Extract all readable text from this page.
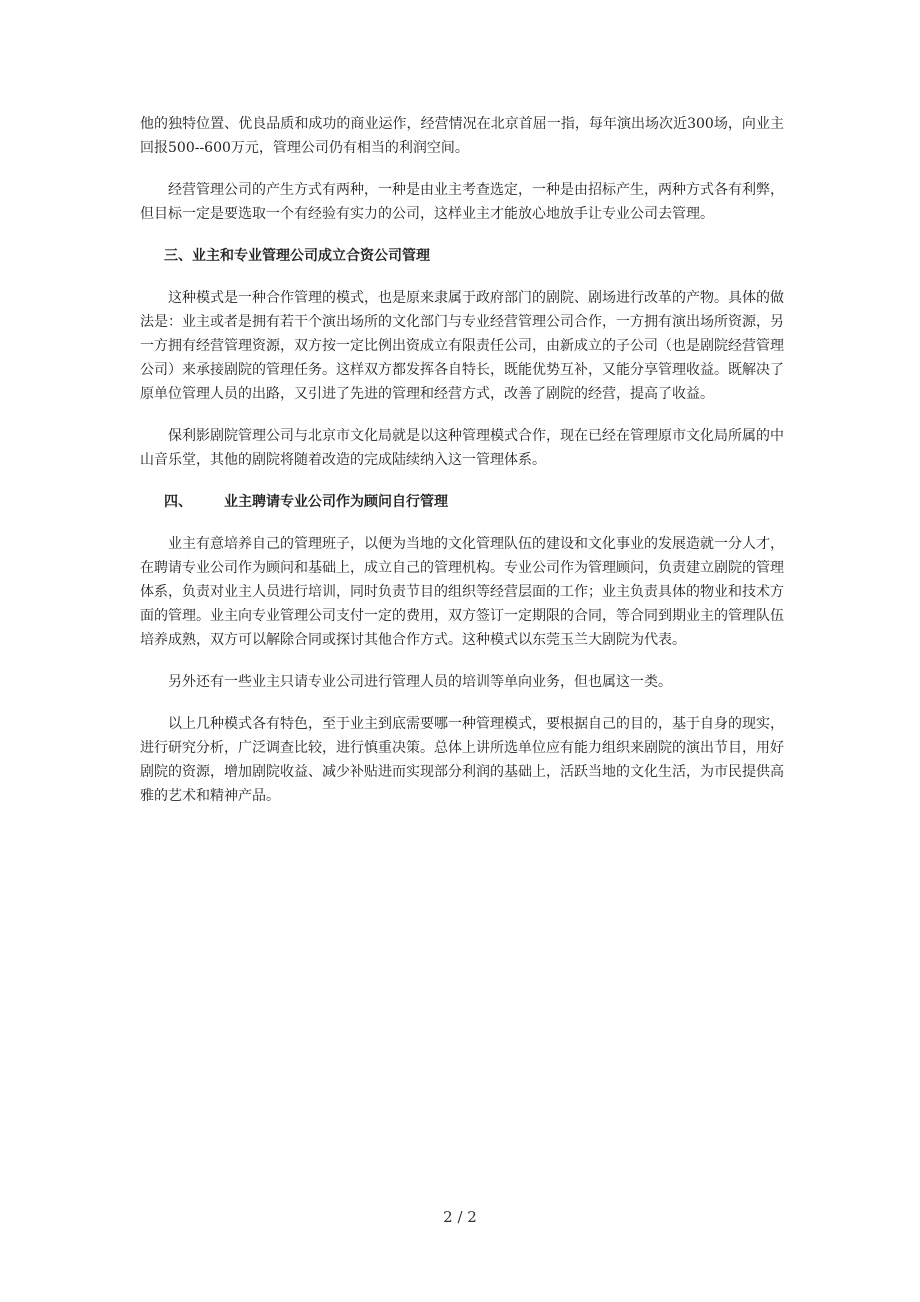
他的独特位置、优良品质和成功的商业运作，经营情况在北京首屈一指，每年演出场次近300场，向业主回报500--600万元，管理公司仍有相当的利润空间。

经营管理公司的产生方式有两种，一种是由业主考查选定，一种是由招标产生，两种方式各有利弊，但目标一定是要选取一个有经验有实力的公司，这样业主才能放心地放手让专业公司去管理。

三、业主和专业管理公司成立合资公司管理

这种模式是一种合作管理的模式，也是原来隶属于政府部门的剧院、剧场进行改革的产物。具体的做法是：业主或者是拥有若干个演出场所的文化部门与专业经营管理公司合作，一方拥有演出场所资源，另一方拥有经营管理资源，双方按一定比例出资成立有限责任公司，由新成立的子公司（也是剧院经营管理公司）来承接剧院的管理任务。这样双方都发挥各自特长，既能优势互补，又能分享管理收益。既解决了原单位管理人员的出路，又引进了先进的管理和经营方式，改善了剧院的经营，提高了收益。

保利影剧院管理公司与北京市文化局就是以这种管理模式合作，现在已经在管理原市文化局所属的中山音乐堂，其他的剧院将随着改造的完成陆续纳入这一管理体系。

四、 业主聘请专业公司作为顾问自行管理

业主有意培养自己的管理班子，以便为当地的文化管理队伍的建设和文化事业的发展造就一分人才，在聘请专业公司作为顾问和基础上，成立自己的管理机构。专业公司作为管理顾问，负责建立剧院的管理体系，负责对业主人员进行培训，同时负责节目的组织等经营层面的工作；业主负责具体的物业和技术方面的管理。业主向专业管理公司支付一定的费用，双方签订一定期限的合同，等合同到期业主的管理队伍培养成熟，双方可以解除合同或探讨其他合作方式。这种模式以东莞玉兰大剧院为代表。

另外还有一些业主只请专业公司进行管理人员的培训等单向业务，但也属这一类。

以上几种模式各有特色，至于业主到底需要哪一种管理模式，要根据自己的目的，基于自身的现实，进行研究分析，广泛调查比较，进行慎重决策。总体上讲所选单位应有能力组织来剧院的演出节目，用好剧院的资源，增加剧院收益、减少补贴进而实现部分利润的基础上，活跃当地的文化生活，为市民提供高雅的艺术和精神产品。

www.zixin.com.cn
2 / 2
